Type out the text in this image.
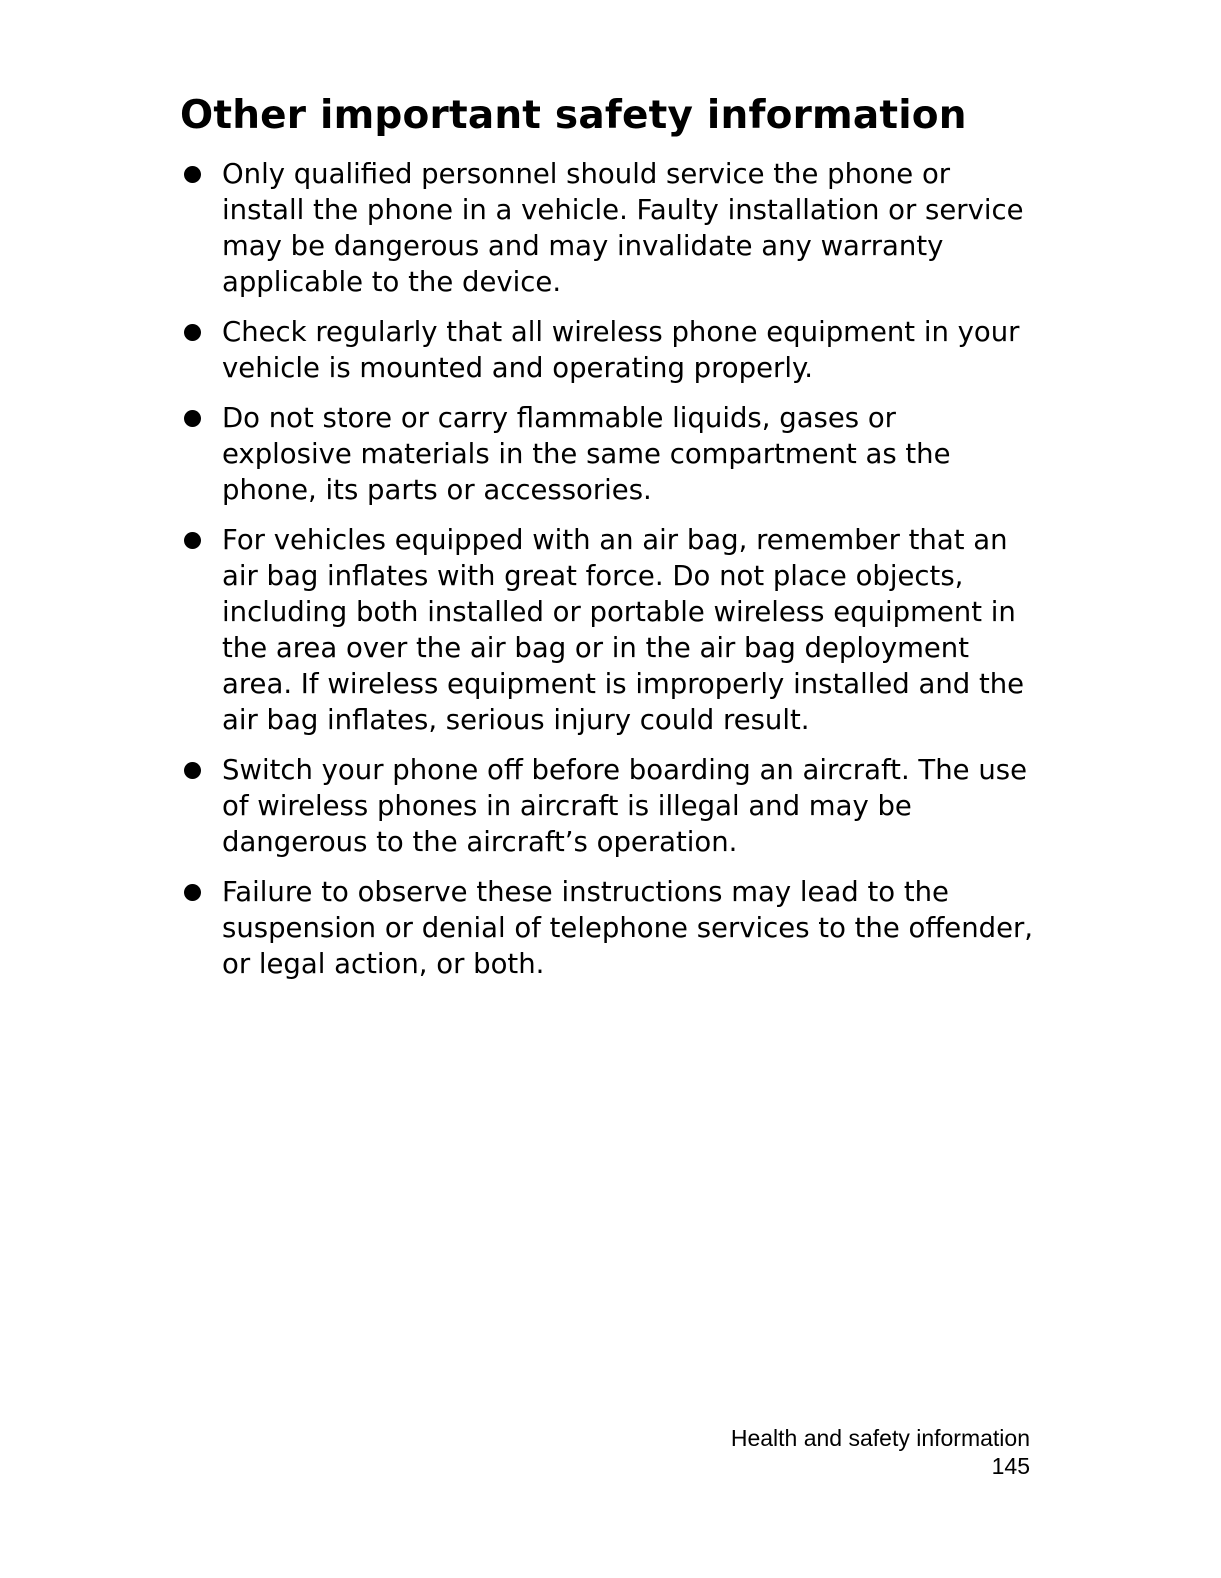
Other important safety information
Only qualified personnel should service the phone or install the phone in a vehicle. Faulty installation or service may be dangerous and may invalidate any warranty applicable to the device.
Check regularly that all wireless phone equipment in your vehicle is mounted and operating properly.
Do not store or carry flammable liquids, gases or explosive materials in the same compartment as the phone, its parts or accessories.
For vehicles equipped with an air bag, remember that an air bag inflates with great force. Do not place objects, including both installed or portable wireless equipment in the area over the air bag or in the air bag deployment area. If wireless equipment is improperly installed and the air bag inflates, serious injury could result.
Switch your phone off before boarding an aircraft. The use of wireless phones in aircraft is illegal and may be dangerous to the aircraft’s operation.
Failure to observe these instructions may lead to the suspension or denial of telephone services to the offender, or legal action, or both.
Health and safety information
145
